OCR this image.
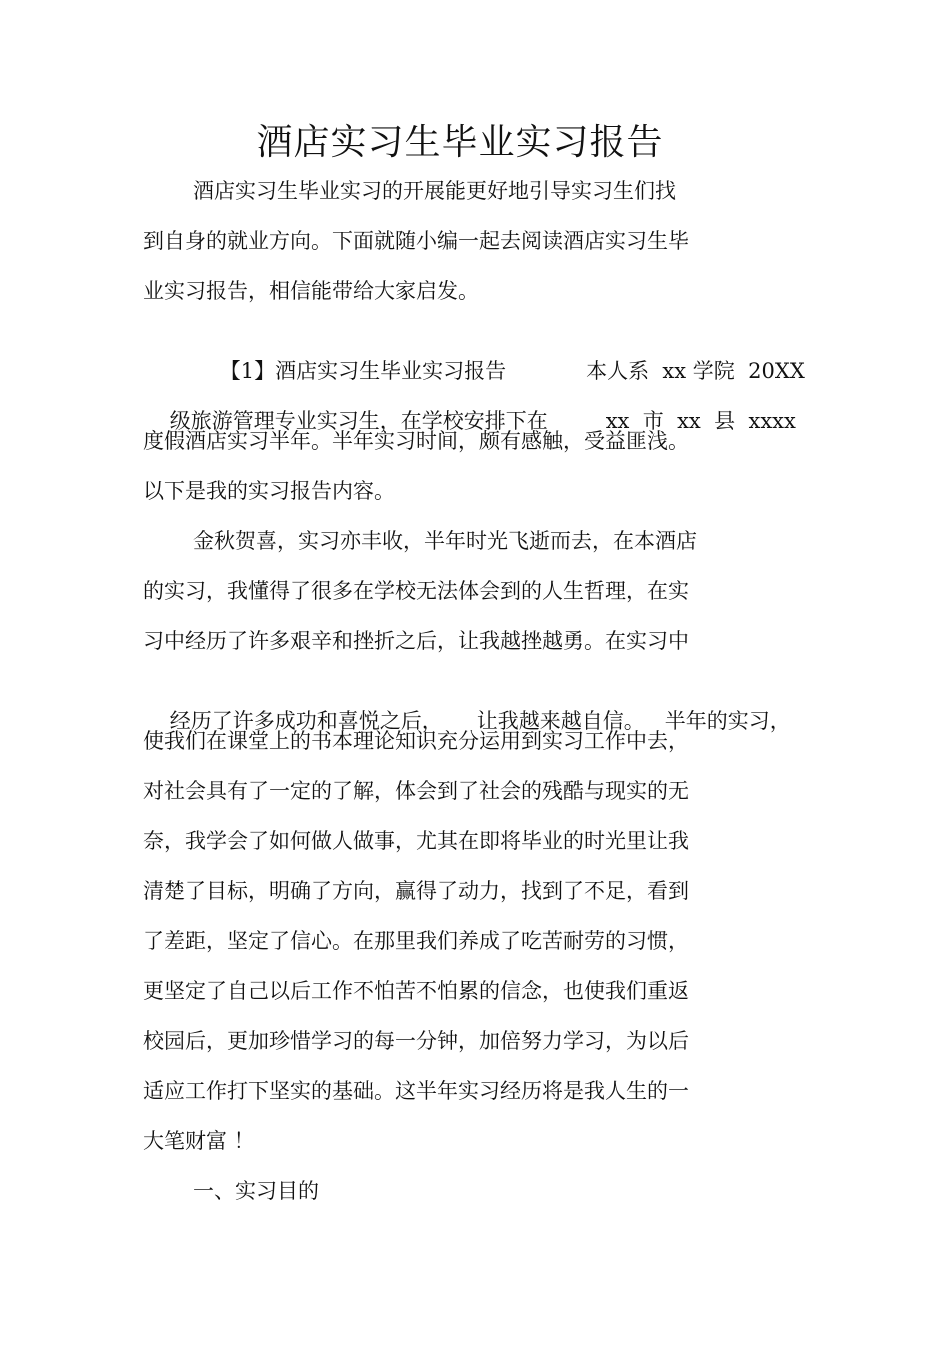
酒店实习生毕业实习报告
酒店实习生毕业实习的开展能更好地引导实习生们找
到自身的就业方向。下面就随小编一起去阅读酒店实习生毕
业实习报告，相信能带给大家启发。

【1】酒店实习生毕业实习报告	本人系  xx 学院  20XX

级旅游管理专业实习生，在学校安排下在	xx  市  xx  县  xxxx

度假酒店实习半年。半年实习时间，颇有感触，受益匪浅。
以下是我的实习报告内容。
金秋贺喜，实习亦丰收，半年时光飞逝而去，在本酒店
的实习，我懂得了很多在学校无法体会到的人生哲理，在实
习中经历了许多艰辛和挫折之后，让我越挫越勇。在实习中

经历了许多成功和喜悦之后， 让我越来越自信。 半年的实习，

使我们在课堂上的书本理论知识充分运用到实习工作中去，
对社会具有了一定的了解，体会到了社会的残酷与现实的无
奈，我学会了如何做人做事，尤其在即将毕业的时光里让我
清楚了目标，明确了方向，赢得了动力，找到了不足，看到
了差距，坚定了信心。在那里我们养成了吃苦耐劳的习惯，
更坚定了自己以后工作不怕苦不怕累的信念，也使我们重返
校园后，更加珍惜学习的每一分钟，加倍努力学习，为以后
适应工作打下坚实的基础。这半年实习经历将是我人生的一
大笔财富 ！
一、实习目的
